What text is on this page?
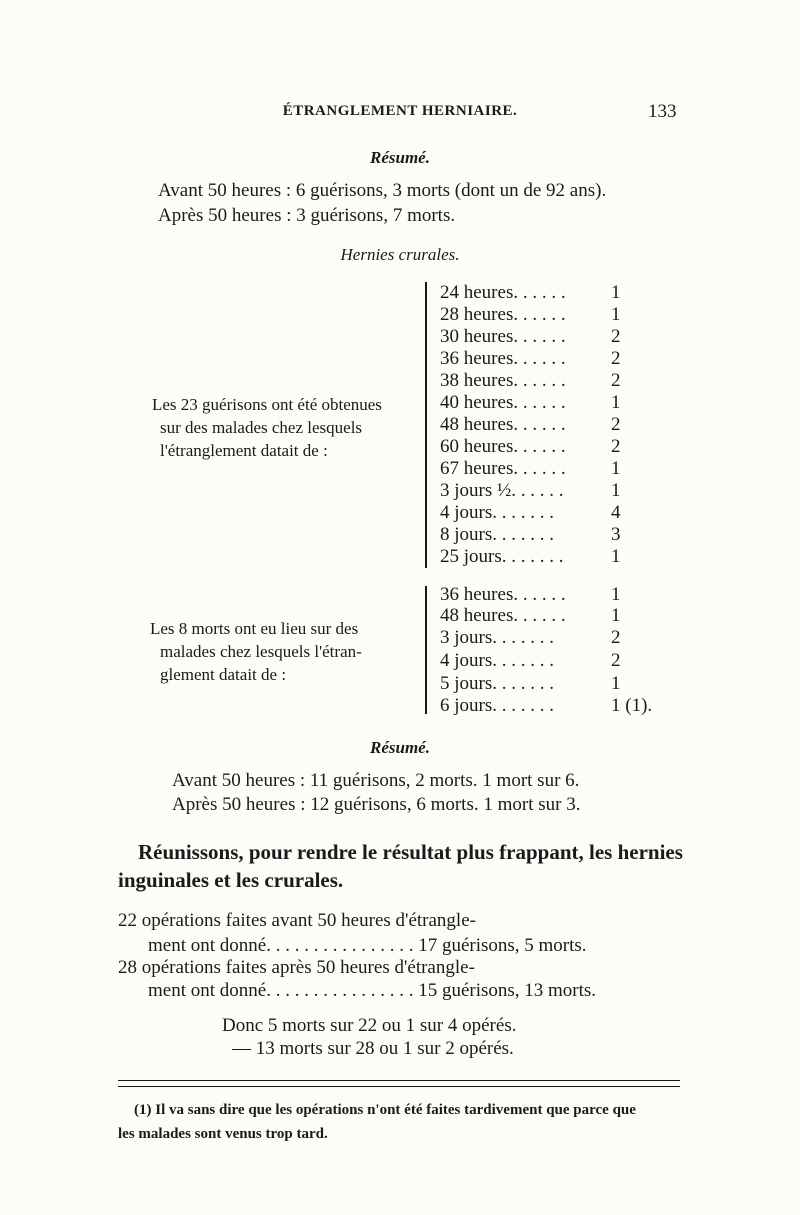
ÉTRANGLEMENT HERNIAIRE.	133
Résumé.
Avant 50 heures : 6 guérisons, 3 morts (dont un de 92 ans).
Après 50 heures : 3 guérisons, 7 morts.
Hernies crurales.
Les 23 guérisons ont été obtenues
sur des malades chez lesquels
l'étranglement datait de :
24 heures. . . . . . 1
28 heures. . . . . . 1
30 heures. . . . . . 2
36 heures. . . . . . 2
38 heures. . . . . . 2
40 heures. . . . . . 1
48 heures. . . . . . 2
60 heures. . . . . . 2
67 heures. . . . . . 1
3 jours ½. . . . . .	1
4 jours. . . . . . .	4
8 jours. . . . . . .	3
25 jours. . . . . . .	1
Les 8 morts ont eu lieu sur des
malades chez lesquels l'étran-
glement datait de :
36 heures. . . . . . 1
48 heures. . . . . . 1
3 jours. . . . . . .	2
4 jours. . . . . . .	2
5 jours. . . . . . .	1
6 jours. . . . . . .	1 (1).
Résumé.
Avant 50 heures : 11 guérisons, 2 morts. 1 mort sur 6.
Après 50 heures : 12 guérisons, 6 morts. 1 mort sur 3.
Réunissons, pour rendre le résultat plus frappant, les hernies
inguinales et les crurales.
22 opérations faites avant 50 heures d'étrangle-
ment ont donné. . . . . . . . . . . . . . . . 17 guérisons, 5 morts.
28 opérations faites après 50 heures d'étrangle-
ment ont donné. . . . . . . . . . . . . . . . 15 guérisons, 13 morts.
Donc 5 morts sur 22 ou 1 sur 4 opérés.
— 13 morts sur 28 ou 1 sur 2 opérés.
(1) Il va sans dire que les opérations n'ont été faites tardivement que parce que
les malades sont venus trop tard.
